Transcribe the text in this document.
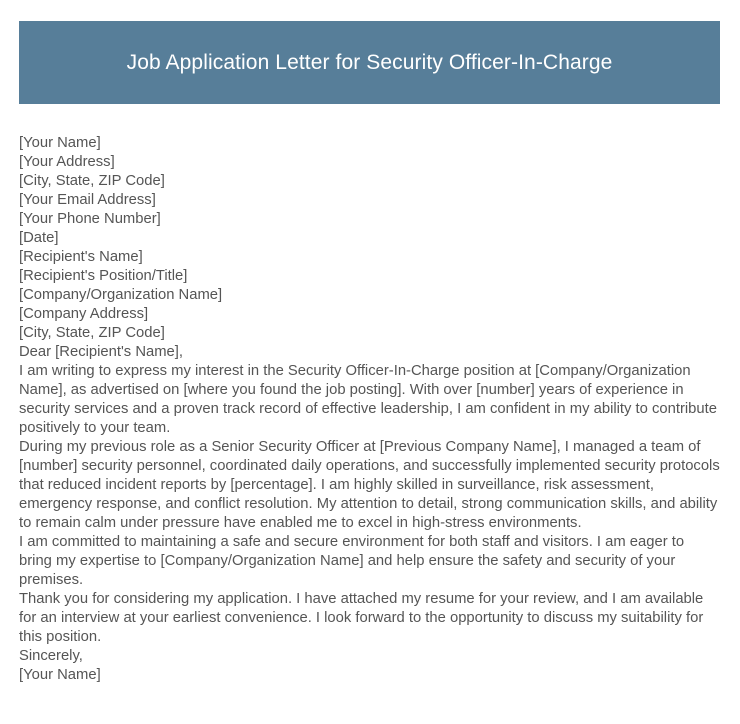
Job Application Letter for Security Officer-In-Charge
[Your Name]
[Your Address]
[City, State, ZIP Code]
[Your Email Address]
[Your Phone Number]
[Date]
[Recipient's Name]
[Recipient's Position/Title]
[Company/Organization Name]
[Company Address]
[City, State, ZIP Code]
Dear [Recipient's Name],

I am writing to express my interest in the Security Officer-In-Charge position at [Company/Organization Name], as advertised on [where you found the job posting]. With over [number] years of experience in security services and a proven track record of effective leadership, I am confident in my ability to contribute positively to your team.

During my previous role as a Senior Security Officer at [Previous Company Name], I managed a team of [number] security personnel, coordinated daily operations, and successfully implemented security protocols that reduced incident reports by [percentage]. I am highly skilled in surveillance, risk assessment, emergency response, and conflict resolution. My attention to detail, strong communication skills, and ability to remain calm under pressure have enabled me to excel in high-stress environments.

I am committed to maintaining a safe and secure environment for both staff and visitors. I am eager to bring my expertise to [Company/Organization Name] and help ensure the safety and security of your premises.

Thank you for considering my application. I have attached my resume for your review, and I am available for an interview at your earliest convenience. I look forward to the opportunity to discuss my suitability for this position.

Sincerely,
[Your Name]
